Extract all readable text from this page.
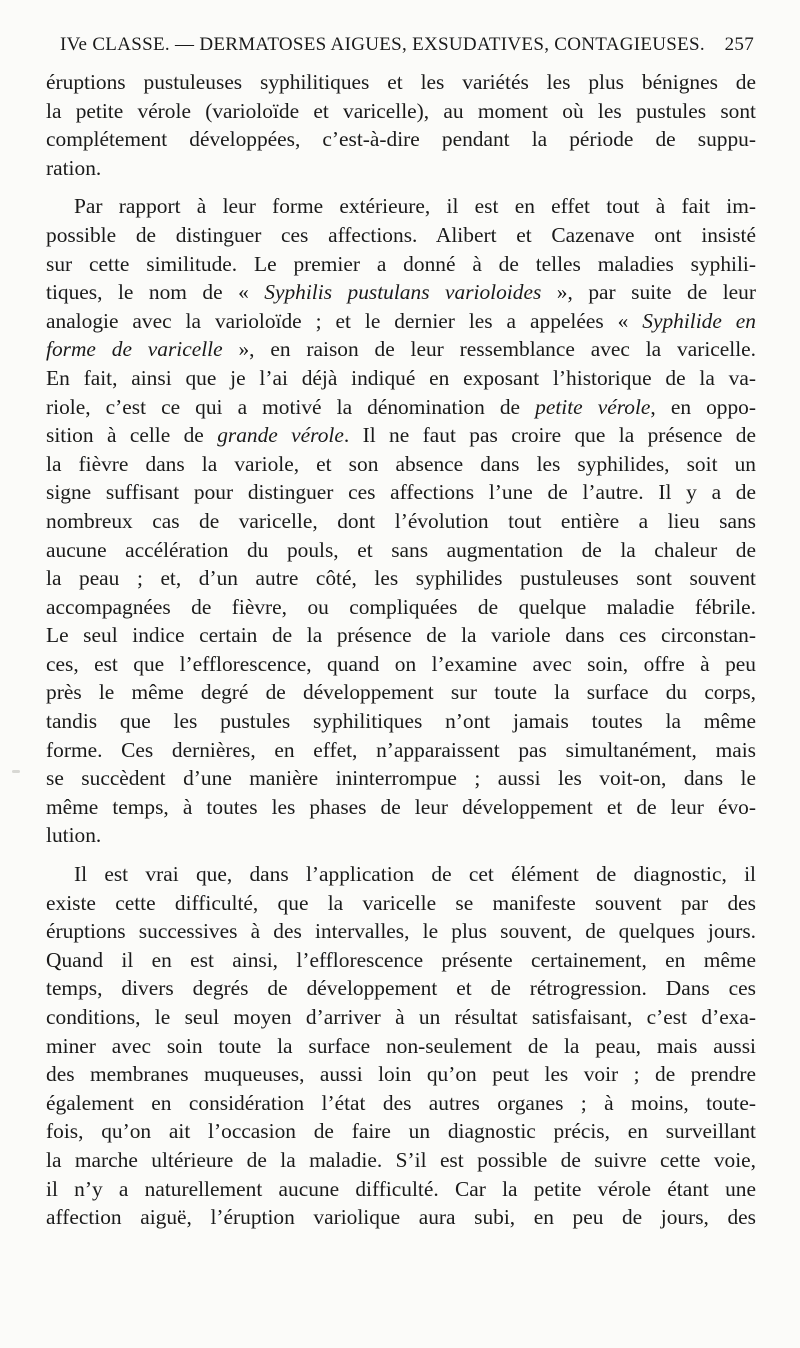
IVe CLASSE. — DERMATOSES AIGUES, EXSUDATIVES, CONTAGIEUSES. 257
éruptions pustuleuses syphilitiques et les variétés les plus bénignes de
la petite vérole (varioloïde et varicelle), au moment où les pustules sont
complétement développées, c’est-à-dire pendant la période de suppu-
ration.
Par rapport à leur forme extérieure, il est en effet tout à fait im-
possible de distinguer ces affections. Alibert et Cazenave ont insisté
sur cette similitude. Le premier a donné à de telles maladies syphili-
tiques, le nom de « Syphilis pustulans varioloides », par suite de leur
analogie avec la varioloïde ; et le dernier les a appelées « Syphilide en
forme de varicelle », en raison de leur ressemblance avec la varicelle.
En fait, ainsi que je l’ai déjà indiqué en exposant l’historique de la va-
riole, c’est ce qui a motivé la dénomination de petite vérole, en oppo-
sition à celle de grande vérole. Il ne faut pas croire que la présence de
la fièvre dans la variole, et son absence dans les syphilides, soit un
signe suffisant pour distinguer ces affections l’une de l’autre. Il y a de
nombreux cas de varicelle, dont l’évolution tout entière a lieu sans
aucune accélération du pouls, et sans augmentation de la chaleur de
la peau ; et, d’un autre côté, les syphilides pustuleuses sont souvent
accompagnées de fièvre, ou compliquées de quelque maladie fébrile.
Le seul indice certain de la présence de la variole dans ces circonstan-
ces, est que l’efflorescence, quand on l’examine avec soin, offre à peu
près le même degré de développement sur toute la surface du corps,
tandis que les pustules syphilitiques n’ont jamais toutes la même
forme. Ces dernières, en effet, n’apparaissent pas simultanément, mais
se succèdent d’une manière ininterrompue ; aussi les voit-on, dans le
même temps, à toutes les phases de leur développement et de leur évo-
lution.
Il est vrai que, dans l’application de cet élément de diagnostic, il
existe cette difficulté, que la varicelle se manifeste souvent par des
éruptions successives à des intervalles, le plus souvent, de quelques jours.
Quand il en est ainsi, l’efflorescence présente certainement, en même
temps, divers degrés de développement et de rétrogression. Dans ces
conditions, le seul moyen d’arriver à un résultat satisfaisant, c’est d’exa-
miner avec soin toute la surface non-seulement de la peau, mais aussi
des membranes muqueuses, aussi loin qu’on peut les voir ; de prendre
également en considération l’état des autres organes ; à moins, toute-
fois, qu’on ait l’occasion de faire un diagnostic précis, en surveillant
la marche ultérieure de la maladie. S’il est possible de suivre cette voie,
il n’y a naturellement aucune difficulté. Car la petite vérole étant une
affection aiguë, l’éruption variolique aura subi, en peu de jours, des
